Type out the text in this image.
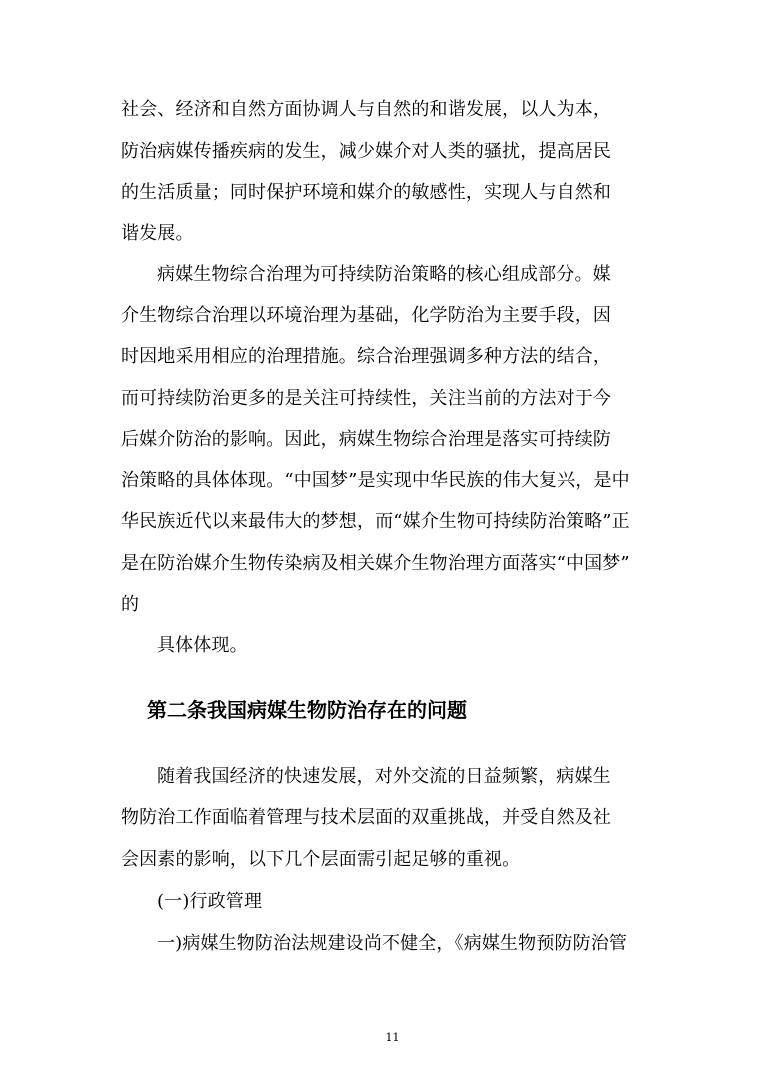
社会、经济和自然方面协调人与自然的和谐发展，以人为本，
防治病媒传播疾病的发生，减少媒介对人类的骚扰，提高居民
的生活质量；同时保护环境和媒介的敏感性，实现人与自然和
谐发展。
病媒生物综合治理为可持续防治策略的核心组成部分。媒
介生物综合治理以环境治理为基础，化学防治为主要手段，因
时因地采用相应的治理措施。综合治理强调多种方法的结合，
而可持续防治更多的是关注可持续性，关注当前的方法对于今
后媒介防治的影响。因此，病媒生物综合治理是落实可持续防
治策略的具体体现。“中国梦”是实现中华民族的伟大复兴，是中
华民族近代以来最伟大的梦想，而“媒介生物可持续防治策略”正
是在防治媒介生物传染病及相关媒介生物治理方面落实“中国梦”
的
具体体现。
第二条我国病媒生物防治存在的问题
随着我国经济的快速发展，对外交流的日益频繁，病媒生
物防治工作面临着管理与技术层面的双重挑战，并受自然及社
会因素的影响，以下几个层面需引起足够的重视。
(一)行政管理
一)病媒生物防治法规建设尚不健全，《病媒生物预防防治管
11
